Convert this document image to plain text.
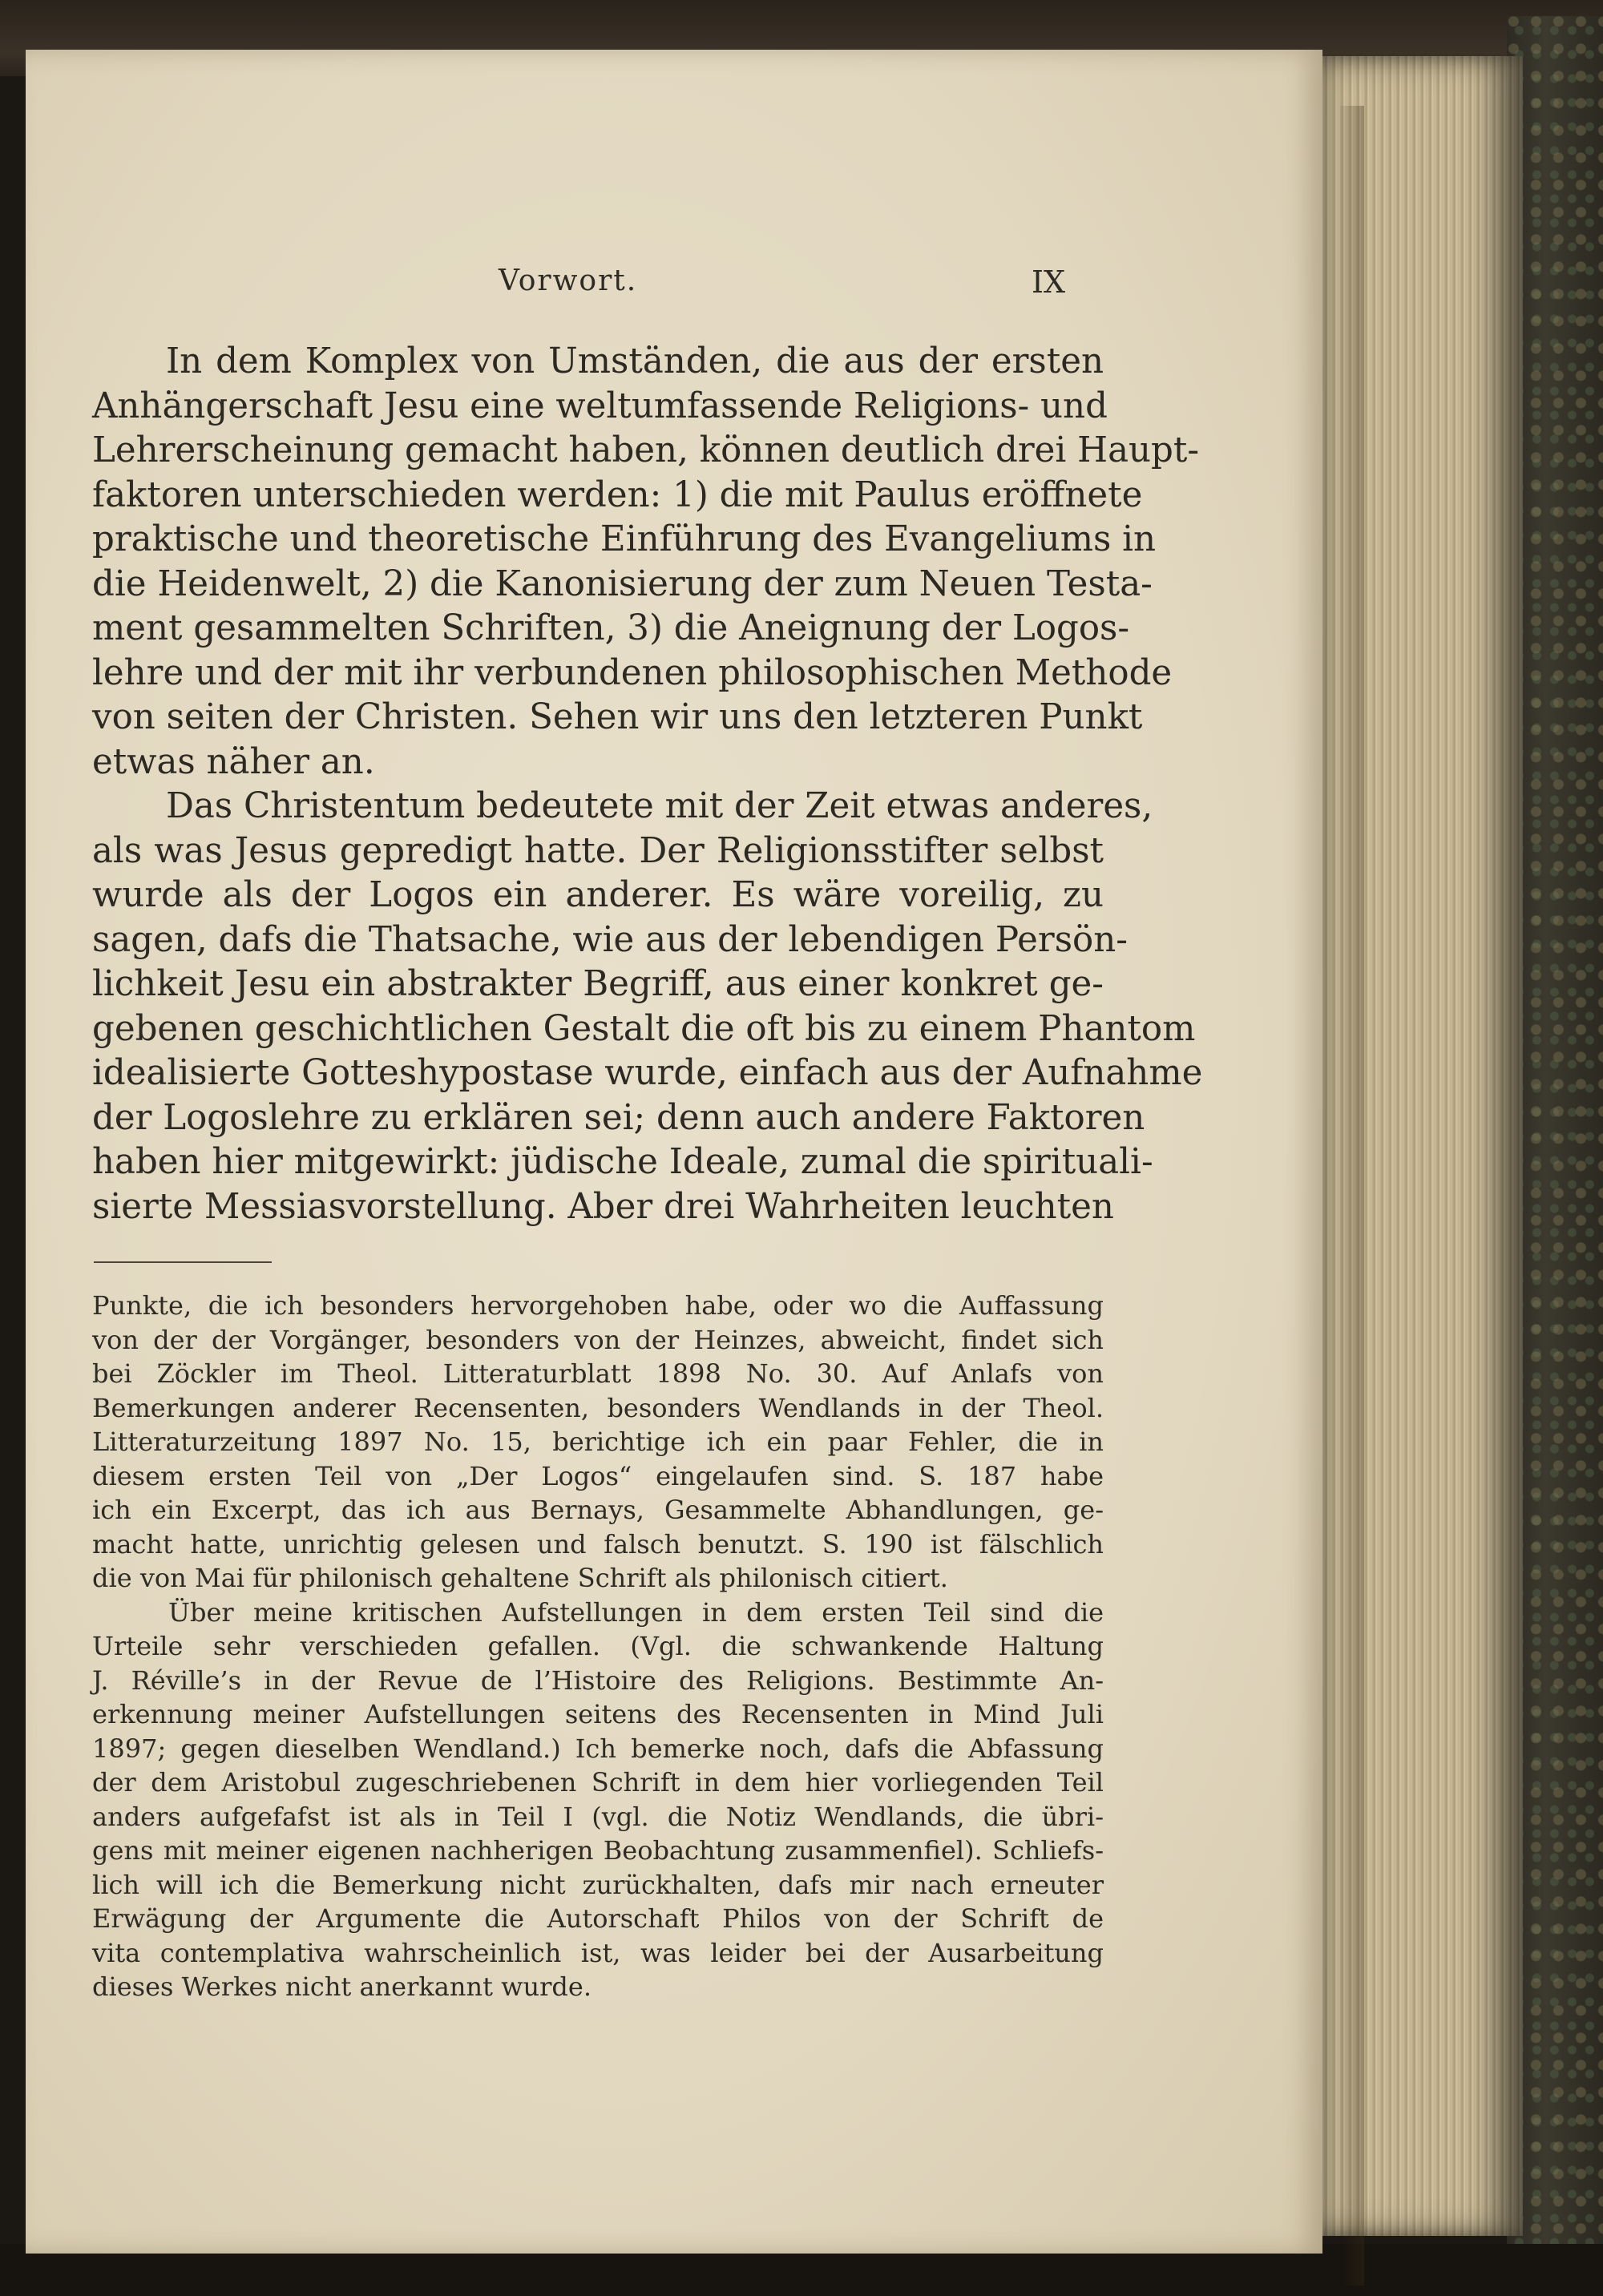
Vorwort.	IX

In dem Komplex von Umständen, die aus der ersten
Anhängerschaft Jesu eine weltumfassende Religions- und
Lehrerscheinung gemacht haben, können deutlich drei Haupt-
faktoren unterschieden werden: 1) die mit Paulus eröffnete
praktische und theoretische Einführung des Evangeliums in
die Heidenwelt, 2) die Kanonisierung der zum Neuen Testa-
ment gesammelten Schriften, 3) die Aneignung der Logos-
lehre und der mit ihr verbundenen philosophischen Methode
von seiten der Christen. Sehen wir uns den letzteren Punkt
etwas näher an.

Das Christentum bedeutete mit der Zeit etwas anderes,
als was Jesus gepredigt hatte. Der Religionsstifter selbst
wurde als der Logos ein anderer. Es wäre voreilig, zu
sagen, dafs die Thatsache, wie aus der lebendigen Persön-
lichkeit Jesu ein abstrakter Begriff, aus einer konkret ge-
gebenen geschichtlichen Gestalt die oft bis zu einem Phantom
idealisierte Gotteshypostase wurde, einfach aus der Aufnahme
der Logoslehre zu erklären sei; denn auch andere Faktoren
haben hier mitgewirkt: jüdische Ideale, zumal die spirituali-
sierte Messiasvorstellung. Aber drei Wahrheiten leuchten

Punkte, die ich besonders hervorgehoben habe, oder wo die Auffassung
von der der Vorgänger, besonders von der Heinzes, abweicht, findet sich
bei Zöckler im Theol. Litteraturblatt 1898 No. 30. Auf Anlafs von
Bemerkungen anderer Recensenten, besonders Wendlands in der Theol.
Litteraturzeitung 1897 No. 15, berichtige ich ein paar Fehler, die in
diesem ersten Teil von „Der Logos“ eingelaufen sind. S. 187 habe
ich ein Excerpt, das ich aus Bernays, Gesammelte Abhandlungen, ge-
macht hatte, unrichtig gelesen und falsch benutzt. S. 190 ist fälschlich
die von Mai für philonisch gehaltene Schrift als philonisch citiert.

Über meine kritischen Aufstellungen in dem ersten Teil sind die
Urteile sehr verschieden gefallen. (Vgl. die schwankende Haltung
J. Réville’s in der Revue de l’Histoire des Religions. Bestimmte An-
erkennung meiner Aufstellungen seitens des Recensenten in Mind Juli
1897; gegen dieselben Wendland.) Ich bemerke noch, dafs die Abfassung
der dem Aristobul zugeschriebenen Schrift in dem hier vorliegenden Teil
anders aufgefafst ist als in Teil I (vgl. die Notiz Wendlands, die übri-
gens mit meiner eigenen nachherigen Beobachtung zusammenfiel). Schliefs-
lich will ich die Bemerkung nicht zurückhalten, dafs mir nach erneuter
Erwägung der Argumente die Autorschaft Philos von der Schrift de
vita contemplativa wahrscheinlich ist, was leider bei der Ausarbeitung
dieses Werkes nicht anerkannt wurde.
